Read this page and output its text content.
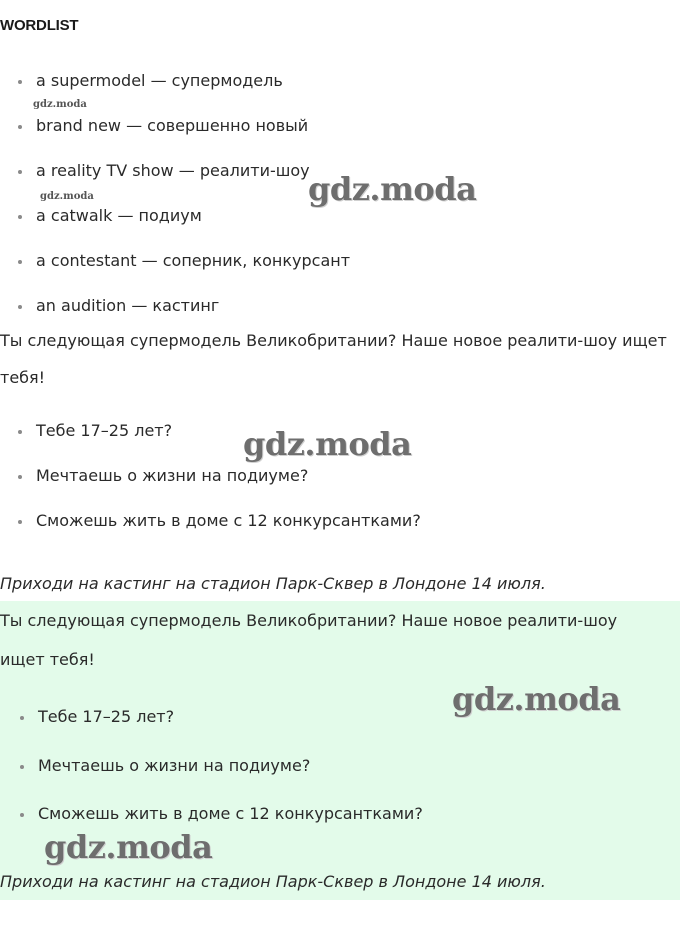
WORDLIST
a supermodel — супермодель
brand new — совершенно новый
a reality TV show — реалити-шоу
a catwalk — подиум
a contestant — соперник, конкурсант
an audition — кастинг
Ты следующая супермодель Великобритании? Наше новое реалити-шоу ищет
тебя!
Тебе 17–25 лет?
Мечтаешь о жизни на подиуме?
Сможешь жить в доме с 12 конкурсантками?
Приходи на кастинг на стадион Парк-Сквер в Лондоне 14 июля.
Ты следующая супермодель Великобритании? Наше новое реалити-шоу
ищет тебя!
Тебе 17–25 лет?
Мечтаешь о жизни на подиуме?
Сможешь жить в доме с 12 конкурсантками?
Приходи на кастинг на стадион Парк-Сквер в Лондоне 14 июля.
gdz.moda
gdz.moda	gdz.moda
gdz.moda
gdz.moda
gdz.moda
